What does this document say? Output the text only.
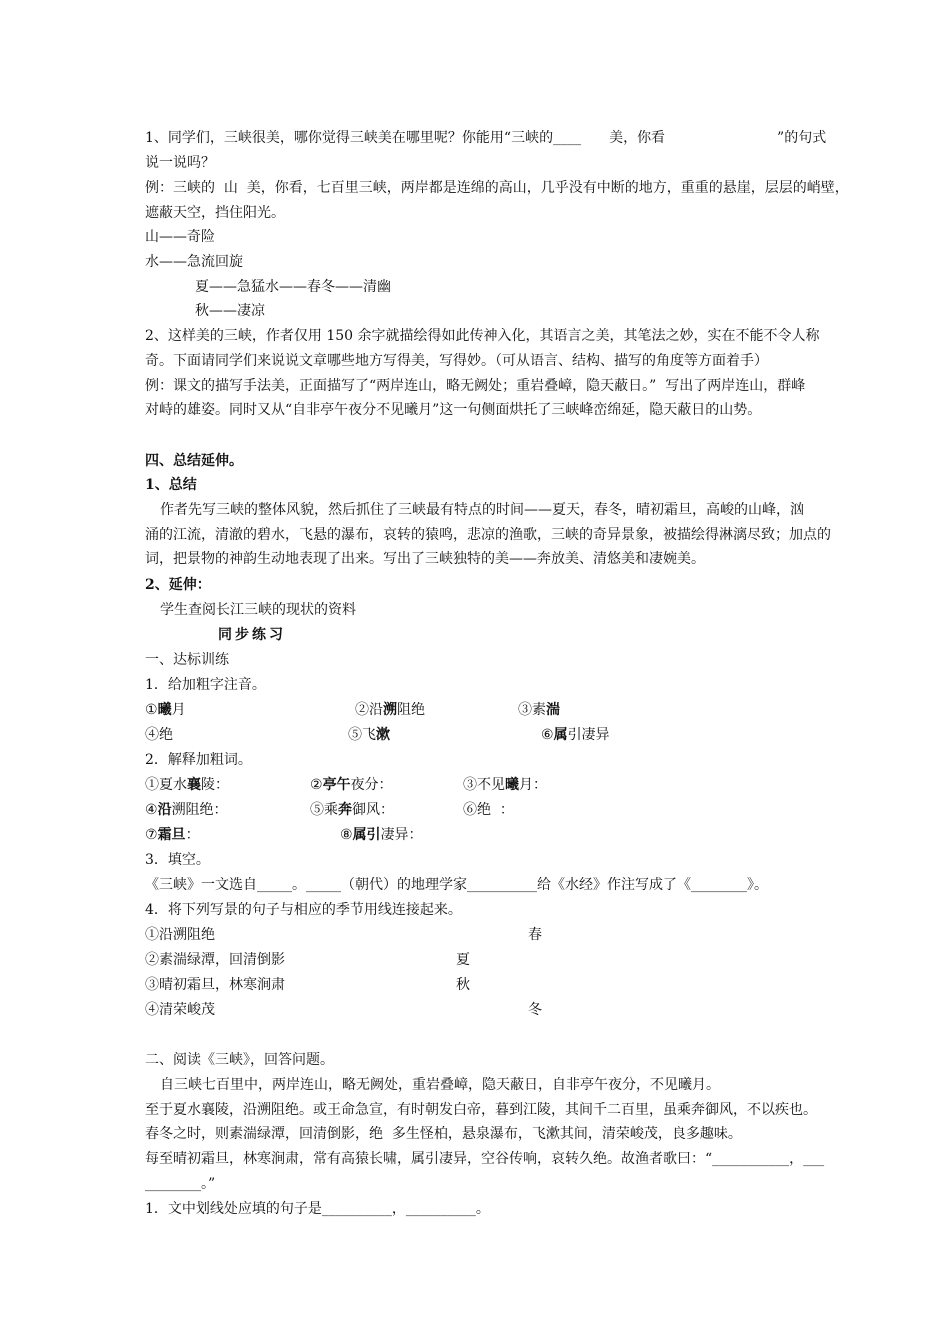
1、同学们，三峡很美，哪你觉得三峡美在哪里呢？你能用“三峡的____　　美，你看　　　　　　　　”的句式
说一说吗？
例：三峡的  山  美，你看，七百里三峡，两岸都是连绵的高山，几乎没有中断的地方，重重的悬崖，层层的峭壁，
遮蔽天空，挡住阳光。
山——奇险
水——急流回旋
夏——急猛水——春冬——清幽
秋——凄凉
2、这样美的三峡，作者仅用 150 余字就描绘得如此传神入化，其语言之美，其笔法之妙，实在不能不令人称
奇。下面请同学们来说说文章哪些地方写得美，写得妙。（可从语言、结构、描写的角度等方面着手）
例：课文的描写手法美，正面描写了“两岸连山，略无阙处；重岩叠嶂，隐天蔽日。”  写出了两岸连山，群峰
对峙的雄姿。同时又从“自非亭午夜分不见曦月”这一句侧面烘托了三峡峰峦绵延，隐天蔽日的山势。
四、总结延伸。
1、总结
作者先写三峡的整体风貌，然后抓住了三峡最有特点的时间——夏天，春冬，晴初霜旦，高峻的山峰，汹
涌的江流，清澈的碧水，飞悬的瀑布，哀转的猿鸣，悲凉的渔歌，三峡的奇异景象，被描绘得淋漓尽致；加点的
词，把景物的神韵生动地表现了出来。写出了三峡独特的美——奔放美、清悠美和凄婉美。
2、延伸：
学生查阅长江三峡的现状的资料
同步练习
一、达标训练
1．给加粗字注音。
①曦月	②沿溯阻绝	③素湍
④绝	⑤飞漱	⑥属引凄异
2．解释加粗词。
①夏水襄陵：	②亭午夜分：	③不见曦月：
④沿溯阻绝：	⑤乘奔御风：	⑥绝  ：
⑦霜旦：	⑧属引凄异：
3．填空。
《三峡》一文选自_____。_____（朝代）的地理学家__________给《水经》作注写成了《________》。
4．将下列写景的句子与相应的季节用线连接起来。
①沿溯阻绝	春
②素湍绿潭，回清倒影	夏
③晴初霜旦，林寒涧肃	秋
④清荣峻茂	冬
二、阅读《三峡》，回答问题。
自三峡七百里中，两岸连山，略无阙处，重岩叠嶂，隐天蔽日，自非亭午夜分，不见曦月。
至于夏水襄陵，沿溯阻绝。或王命急宣，有时朝发白帝，暮到江陵，其间千二百里，虽乘奔御风，不以疾也。
春冬之时，则素湍绿潭，回清倒影，绝  多生怪柏，悬泉瀑布，飞漱其间，清荣峻茂，良多趣味。
每至晴初霜旦，林寒涧肃，常有高猿长啸，属引凄异，空谷传响，哀转久绝。故渔者歌曰：“___________，___
________。”
1．文中划线处应填的句子是__________，__________。
